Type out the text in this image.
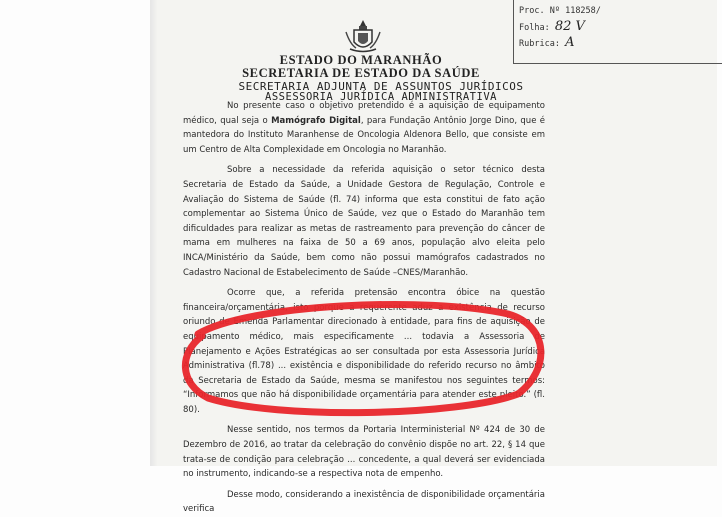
Proc. Nº 118258/
Folha: 82 V
Rubrica: A
ESTADO DO MARANHÃO
SECRETARIA DE ESTADO DA SAÚDE
SECRETARIA ADJUNTA DE ASSUNTOS JURÍDICOS
ASSESSORIA JURÍDICA ADMINISTRATIVA

No presente caso o objetivo pretendido é a aquisição de equipamento médico, qual seja o Mamógrafo Digital, para Fundação Antônio Jorge Dino, que é mantedora do Instituto Maranhense de Oncologia Aldenora Bello, que consiste em um Centro de Alta Complexidade em Oncologia no Maranhão.

Sobre a necessidade da referida aquisição o setor técnico desta Secretaria de Estado da Saúde, a Unidade Gestora de Regulação, Controle e Avaliação do Sistema de Saúde (fl. 74) informa que esta constitui de fato ação complementar ao Sistema Único de Saúde, vez que o Estado do Maranhão tem dificuldades para realizar as metas de rastreamento para prevenção do câncer de mama em mulheres na faixa de 50 a 69 anos, população alvo eleita pelo INCA/Ministério da Saúde, bem como não possui mamógrafos cadastrados no Cadastro Nacional de Estabelecimento de Saúde –CNES/Maranhão.

Ocorre que, a referida pretensão encontra óbice na questão financeira/orçamentária, isto porque a requerente aduz a existência de recurso oriundo de Emenda Parlamentar direcionado à entidade, para fins de aquisição de equipamento médico, mais especificamente ... todavia a Assessoria de Planejamento e Ações Estratégicas ao ser consultada por esta Assessoria Jurídica Administrativa (fl.78) ... existência e disponibilidade do referido recurso no âmbito da Secretaria de Estado da Saúde, mesma se manifestou nos seguintes termos: “Informamos que não há disponibilidade orçamentária para atender este pleito.” (fl. 80).

Nesse sentido, nos termos da Portaria Interministerial Nº 424 de 30 de Dezembro de 2016, ao tratar da celebração do convênio dispõe no art. 22, § 14 que trata-se de condição para celebração ... concedente, a qual deverá ser evidenciada no instrumento, indicando-se a respectiva nota de empenho.

Desse modo, considerando a inexistência de disponibilidade orçamentária verifica
